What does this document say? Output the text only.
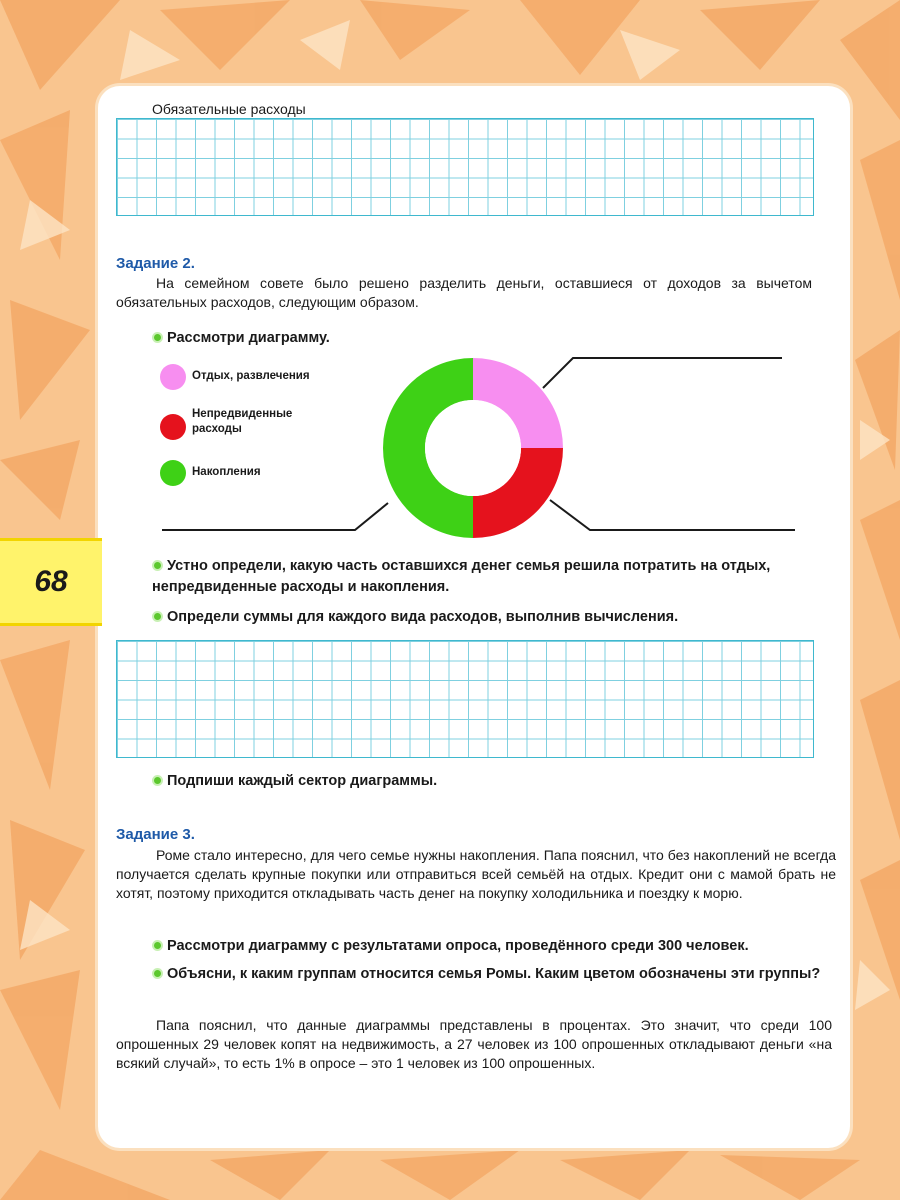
68
Обязательные расходы
Задание 2.
На семейном совете было решено разделить деньги, оставшиеся от доходов за вычетом обязательных расходов, следующим образом.
Рассмотри диаграмму.
Отдых, развлечения
Непредвиденные расходы
Накопления
Устно определи, какую часть оставшихся денег семья решила потратить на отдых, непредвиденные расходы и накопления.
Определи суммы для каждого вида расходов, выполнив вычисления.
Подпиши каждый сектор диаграммы.
Задание 3.
Роме стало интересно, для чего семье нужны накопления. Папа пояснил, что без накоплений не всегда получается сделать крупные покупки или отправиться всей семьёй на отдых. Кредит они с мамой брать не хотят, поэтому приходится откладывать часть денег на покупку холодильника и поездку к морю.
Рассмотри диаграмму с результатами опроса, проведённого среди 300 человек.
Объясни, к каким группам относится семья Ромы. Каким цветом обозначены эти группы?
Папа пояснил, что данные диаграммы представлены в процентах. Это значит, что среди 100 опрошенных 29 человек копят на недвижимость, а 27 человек из 100 опрошенных откладывают деньги «на всякий случай», то есть 1% в опросе – это 1 человек из 100 опрошенных.
